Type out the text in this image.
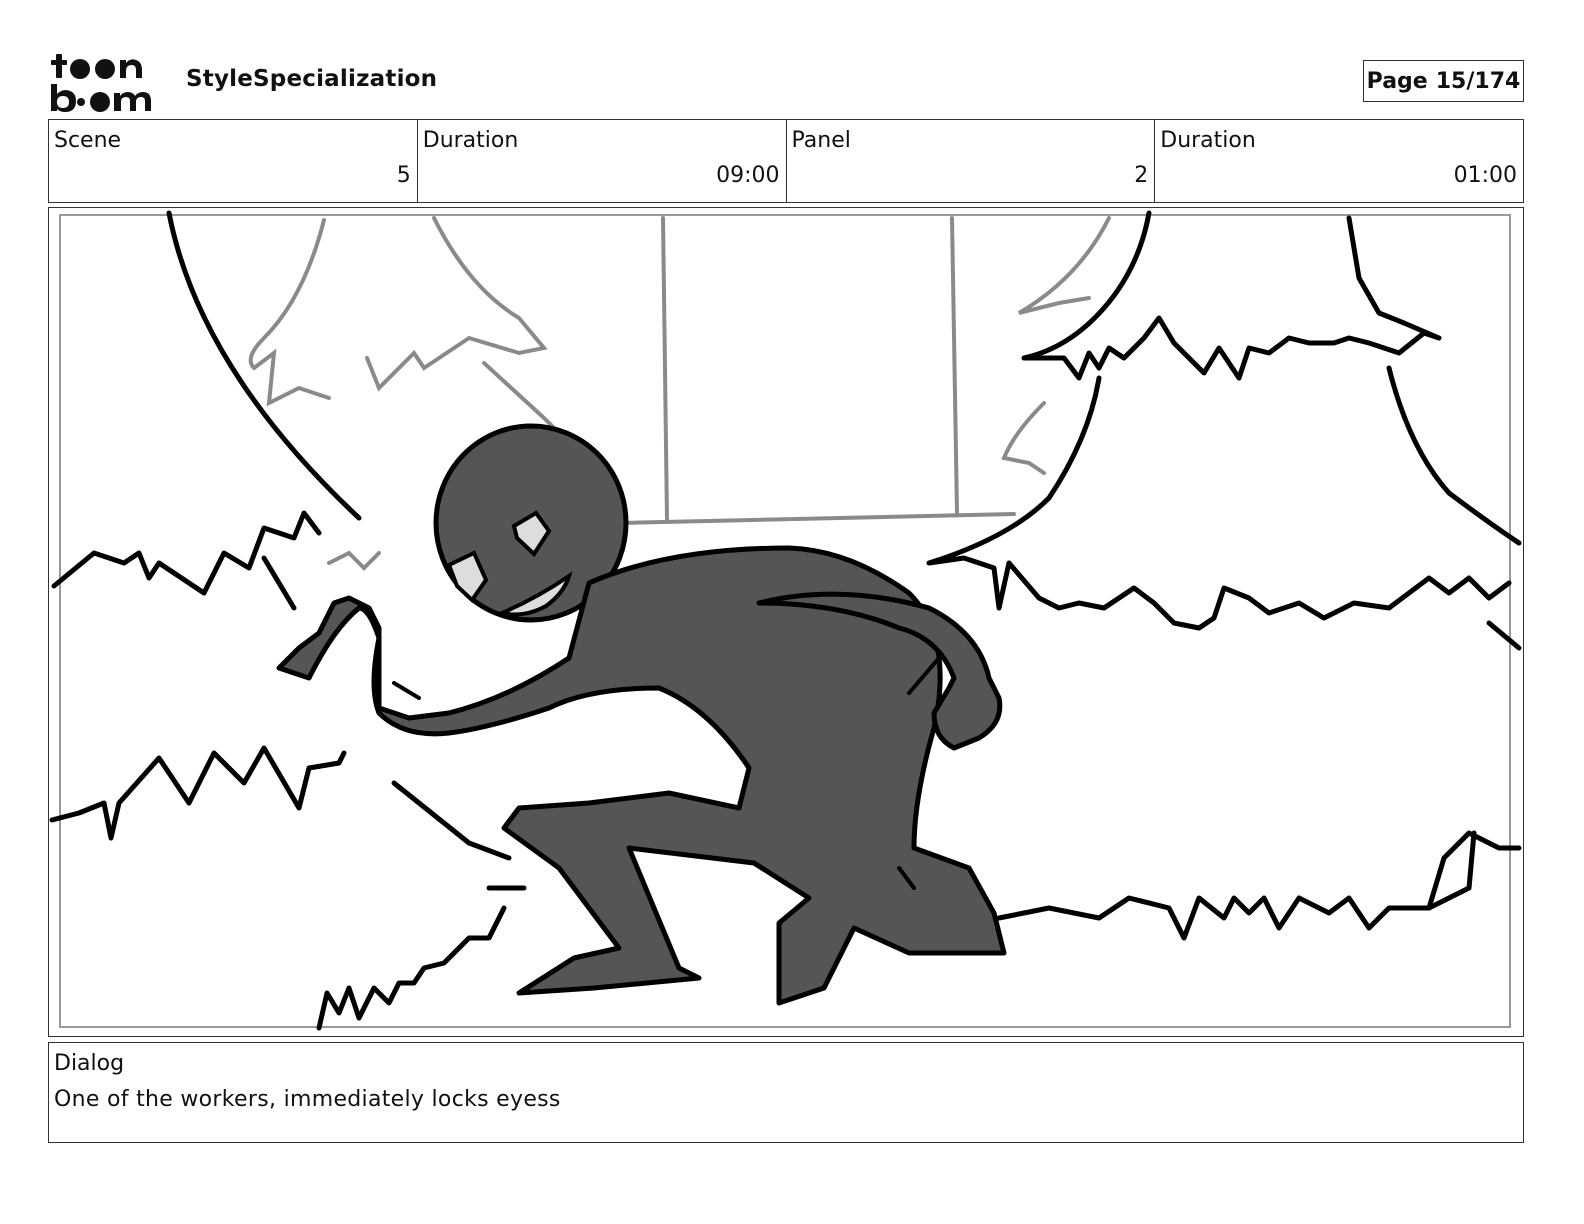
StyleSpecialization	Page 15/174
Scene
5
Duration
09:00
Panel
2
Duration
01:00
Dialog
One of the workers, immediately locks eyess
